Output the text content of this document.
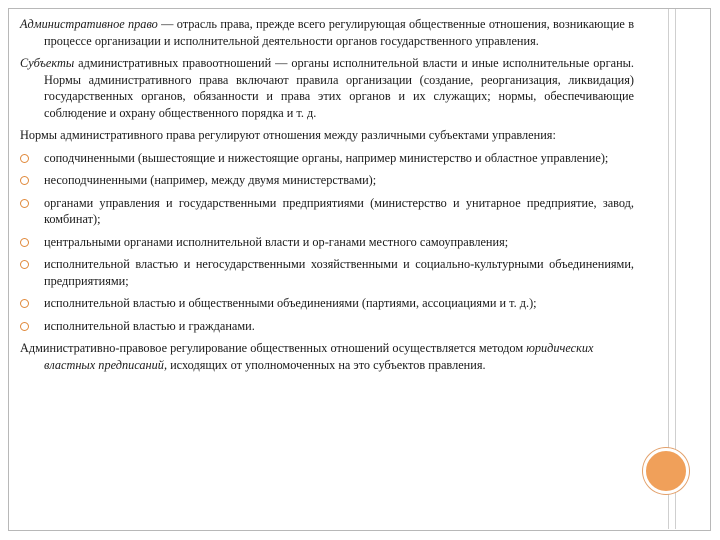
Административное право — отрасль права, прежде всего регулирующая общественные отношения, возникающие в процессе организации и исполнительной деятельности органов государственного управления.

Субъекты административных правоотношений — органы исполнительной власти и иные исполнительные органы. Нормы административного права включают правила организации (создание, реорганизация, ликвидация) государственных органов, обязанности и права этих органов и их служащих; нормы, обеспечивающие соблюдение и охрану общественного порядка и т. д.

Нормы административного права регулируют отношения между различными субъектами управления:

соподчиненными (вышестоящие и нижестоящие органы, например министерство и областное управление);
несоподчиненными (например, между двумя министерствами);
органами управления и государственными предприятиями (министерство и унитарное предприятие, завод, комбинат);
центральными органами исполнительной власти и ор-ганами местного самоуправления;
исполнительной властью и негосударственными хозяйственными и социально-культурными объединениями, предприятиями;
исполнительной властью и общественными объединениями (партиями, ассоциациями и т. д.);
исполнительной властью и гражданами.

Административно-правовое регулирование общественных отношений осуществляется методом юридических властных предписаний, исходящих от уполномоченных на это субъектов правления.
